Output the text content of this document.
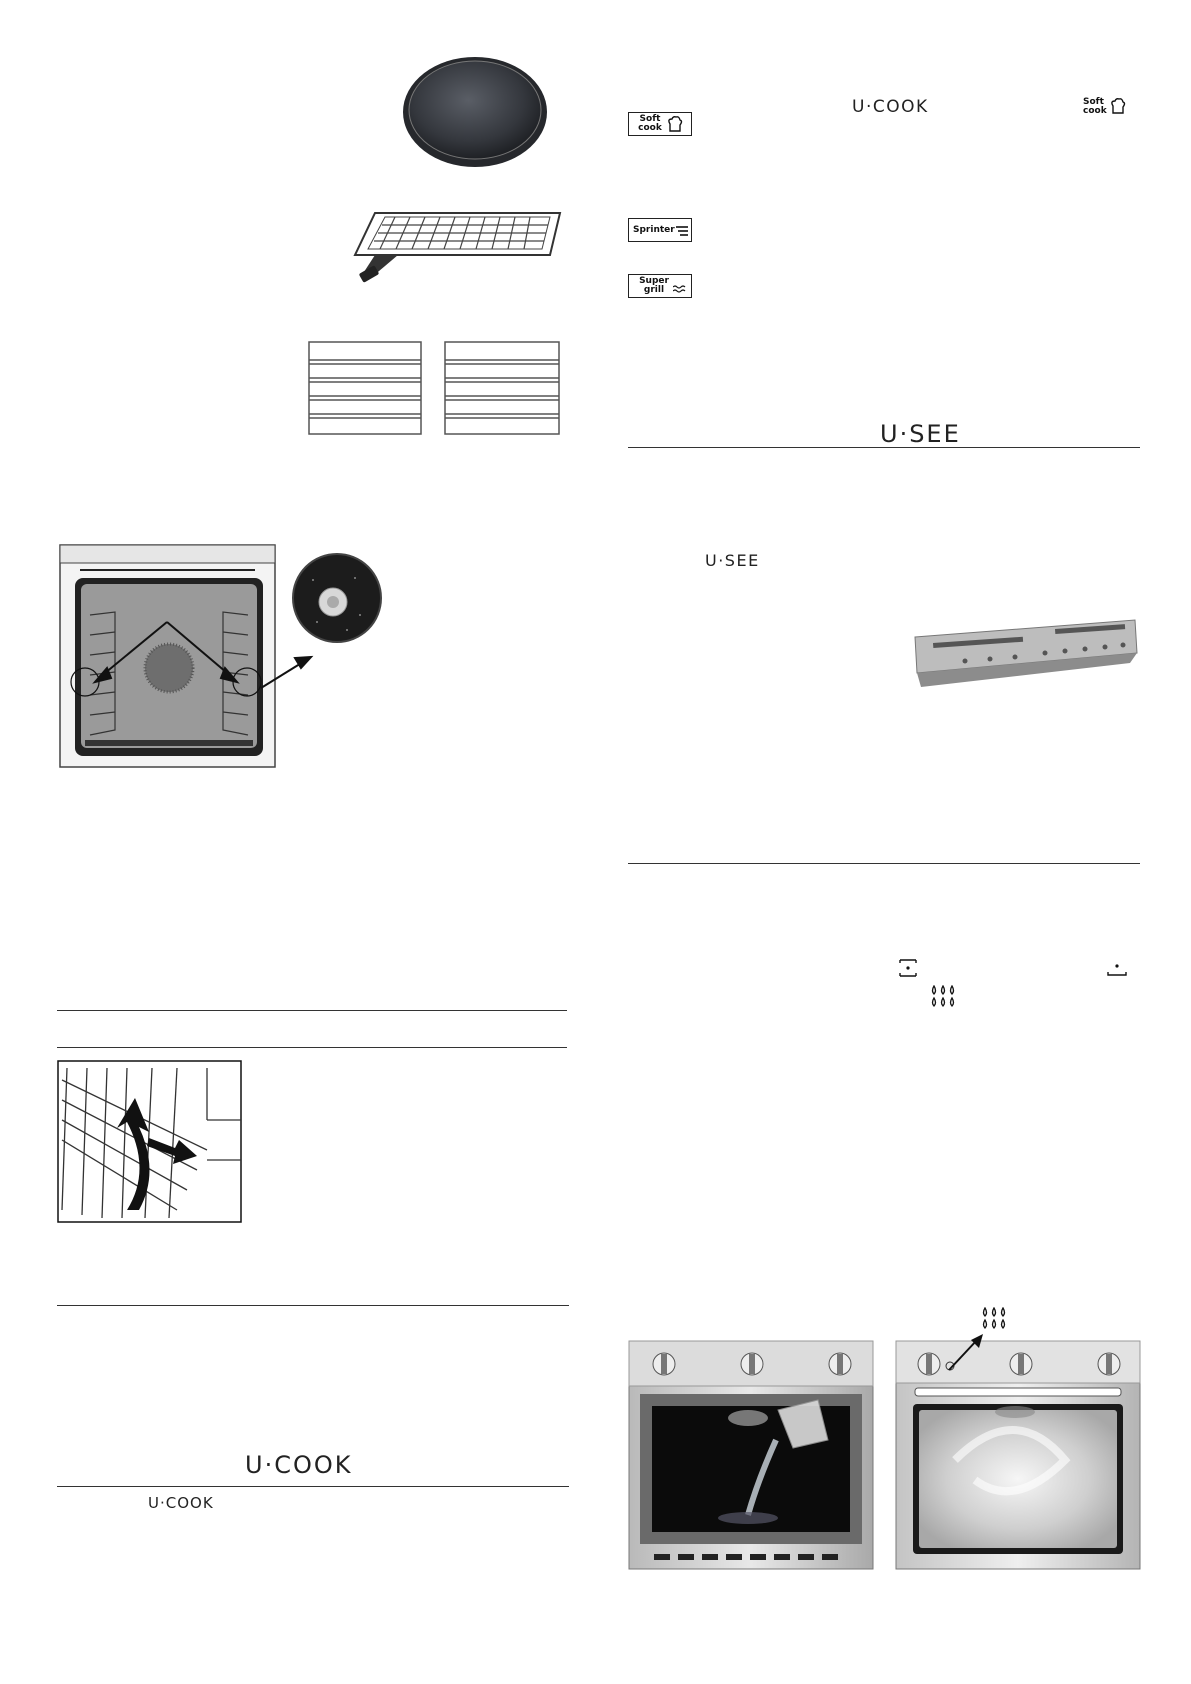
U·COOK
U·COOK
U·COOK	Soft cook
Soft cook
Sprinter
Super grill
U·SEE
U·SEE
